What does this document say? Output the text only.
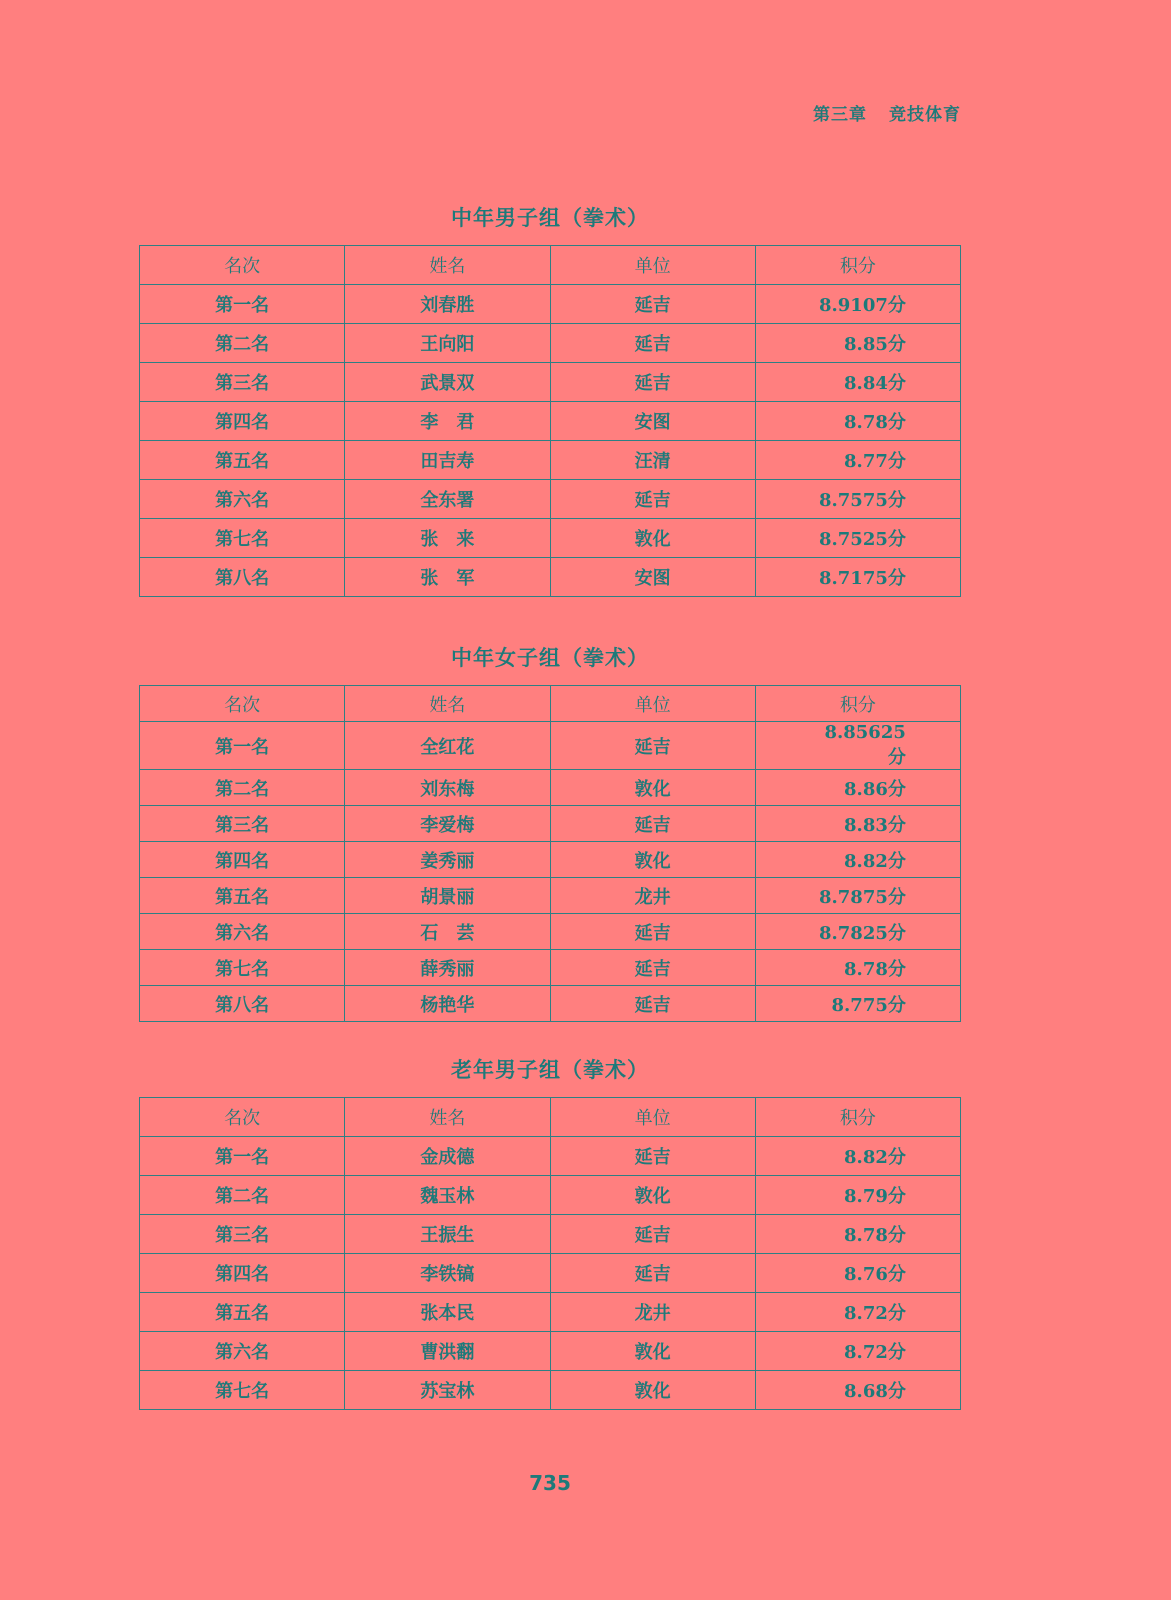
第三章 竞技体育
中年男子组（拳术）
名次	姓名	单位	积分
第一名	刘春胜	延吉	8.9107分
第二名	王向阳	延吉	8.85分
第三名	武景双	延吉	8.84分
第四名	李　君	安图	8.78分
第五名	田吉寿	汪清	8.77分
第六名	全东署	延吉	8.7575分
第七名	张　来	敦化	8.7525分
第八名	张　军	安图	8.7175分
中年女子组（拳术）
名次	姓名	单位	积分
第一名	全红花	延吉	8.85625分
第二名	刘东梅	敦化	8.86分
第三名	李爱梅	延吉	8.83分
第四名	姜秀丽	敦化	8.82分
第五名	胡景丽	龙井	8.7875分
第六名	石　芸	延吉	8.7825分
第七名	薛秀丽	延吉	8.78分
第八名	杨艳华	延吉	8.775分
老年男子组（拳术）
名次	姓名	单位	积分
第一名	金成德	延吉	8.82分
第二名	魏玉林	敦化	8.79分
第三名	王振生	延吉	8.78分
第四名	李铁镐	延吉	8.76分
第五名	张本民	龙井	8.72分
第六名	曹洪翻	敦化	8.72分
第七名	苏宝林	敦化	8.68分
735
